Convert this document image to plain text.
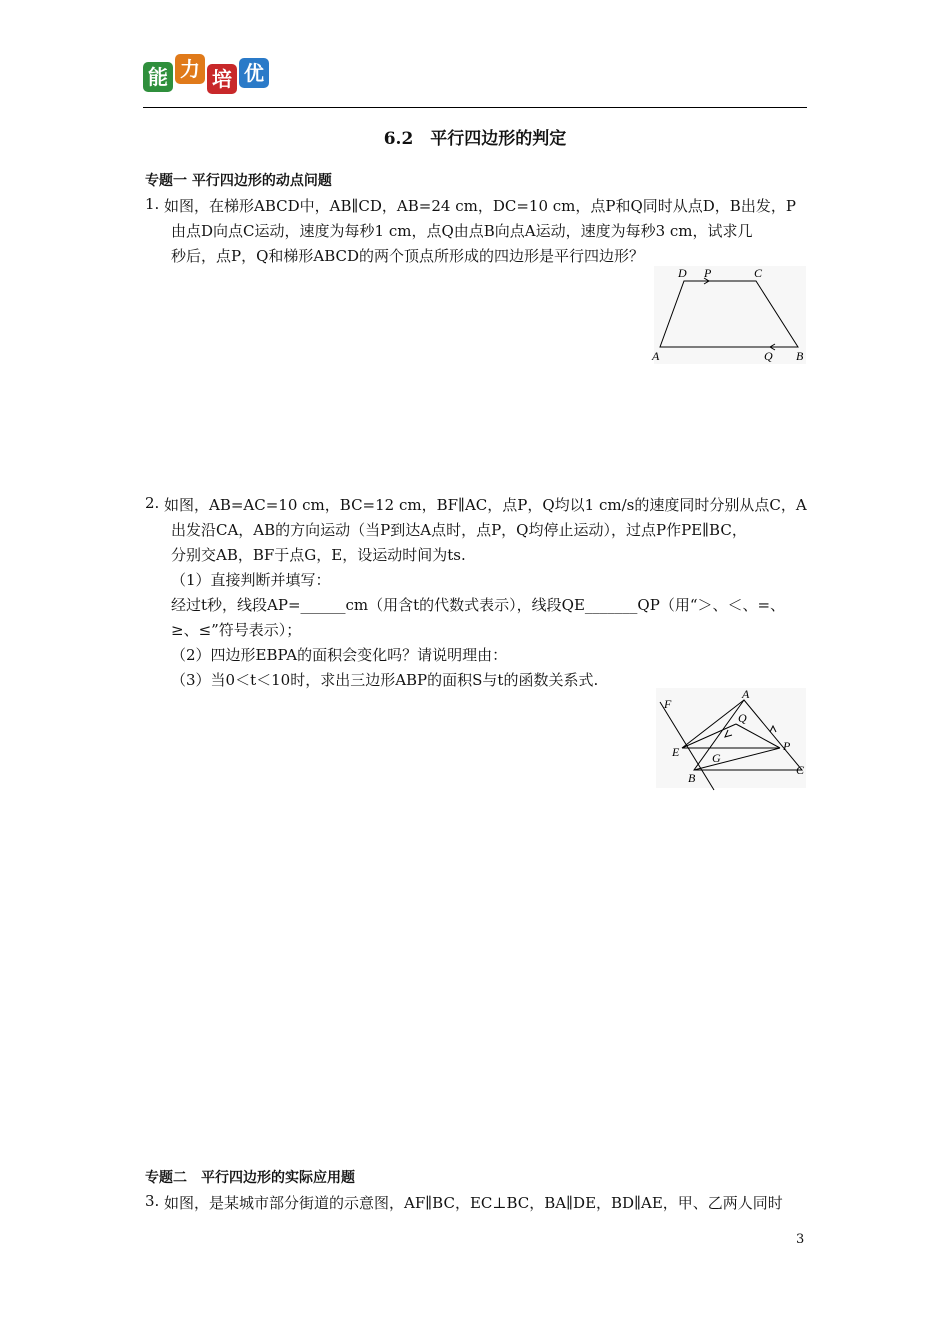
能 力 培 优
6.2　平行四边形的判定
专题一 平行四边形的动点问题
1. 如图，在梯形ABCD中，AB∥CD，AB=24 cm，DC=10 cm，点P和Q同时从点D，B出发，P
由点D向点C运动，速度为每秒1 cm，点Q由点B向点A运动，速度为每秒3 cm，试求几
秒后，点P，Q和梯形ABCD的两个顶点所形成的四边形是平行四边形？
D P	C
A	Q B
2. 如图，AB=AC=10 cm，BC=12 cm，BF∥AC，点P，Q均以1 cm/s的速度同时分别从点C，A
出发沿CA，AB的方向运动（当P到达A点时，点P，Q均停止运动），过点P作PE∥BC，
分别交AB，BF于点G，E，设运动时间为ts.
（1）直接判断并填写：
经过t秒，线段AP=______cm（用含t的代数式表示），线段QE_______QP（用“＞、＜、=、
≥、≤”符号表示）；
（2）四边形EBPA的面积会变化吗？请说明理由：
（3）当0＜t＜10时，求出三边形ABP的面积S与t的函数关系式.
F
A
Q
E	G
P
B
C
专题二　平行四边形的实际应用题
3. 如图，是某城市部分街道的示意图，AF∥BC，EC⊥BC，BA∥DE，BD∥AE，甲、乙两人同时
3
